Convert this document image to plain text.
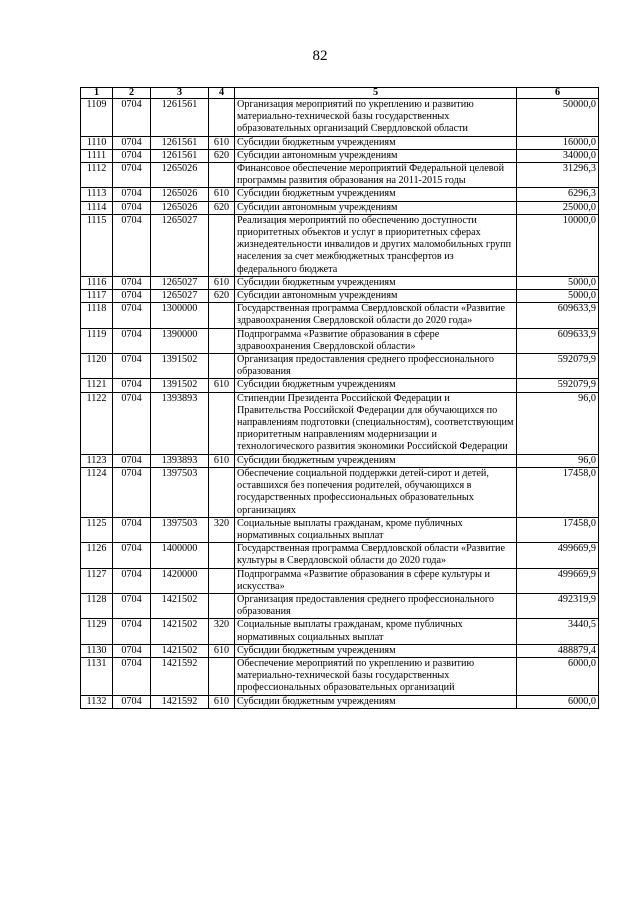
82
1	2	3	4	5	6
1109	0704	1261561		Организация мероприятий по укреплению и развитию материально-технической базы государственных образовательных организаций Свердловской области	50000,0
1110	0704	1261561	610	Субсидии бюджетным учреждениям	16000,0
1111	0704	1261561	620	Субсидии автономным учреждениям	34000,0
1112	0704	1265026		Финансовое обеспечение мероприятий Федеральной целевой программы развития образования на 2011-2015 годы	31296,3
1113	0704	1265026	610	Субсидии бюджетным учреждениям	6296,3
1114	0704	1265026	620	Субсидии автономным учреждениям	25000,0
1115	0704	1265027		Реализация мероприятий по обеспечению доступности приоритетных объектов и услуг в приоритетных сферах жизнедеятельности инвалидов и других маломобильных групп населения за счет межбюджетных трансфертов из федерального бюджета	10000,0
1116	0704	1265027	610	Субсидии бюджетным учреждениям	5000,0
1117	0704	1265027	620	Субсидии автономным учреждениям	5000,0
1118	0704	1300000		Государственная программа Свердловской области «Развитие здравоохранения Свердловской области до 2020 года»	609633,9
1119	0704	1390000		Подпрограмма «Развитие образования в сфере здравоохранения Свердловской области»	609633,9
1120	0704	1391502		Организация предоставления среднего профессионального образования	592079,9
1121	0704	1391502	610	Субсидии бюджетным учреждениям	592079,9
1122	0704	1393893		Стипендии Президента Российской Федерации и Правительства Российской Федерации для обучающихся по направлениям подготовки (специальностям), соответствующим приоритетным направлениям модернизации и технологического развития экономики Российской Федерации	96,0
1123	0704	1393893	610	Субсидии бюджетным учреждениям	96,0
1124	0704	1397503		Обеспечение социальной поддержки детей-сирот и детей, оставшихся без попечения родителей, обучающихся в государственных профессиональных образовательных организациях	17458,0
1125	0704	1397503	320	Социальные выплаты гражданам, кроме публичных нормативных социальных выплат	17458,0
1126	0704	1400000		Государственная программа Свердловской области «Развитие культуры в Свердловской области до 2020 года»	499669,9
1127	0704	1420000		Подпрограмма «Развитие образования в сфере культуры и искусства»	499669,9
1128	0704	1421502		Организация предоставления среднего профессионального образования	492319,9
1129	0704	1421502	320	Социальные выплаты гражданам, кроме публичных нормативных социальных выплат	3440,5
1130	0704	1421502	610	Субсидии бюджетным учреждениям	488879,4
1131	0704	1421592		Обеспечение мероприятий по укреплению и развитию материально-технической базы государственных профессиональных образовательных организаций	6000,0
1132	0704	1421592	610	Субсидии бюджетным учреждениям	6000,0
